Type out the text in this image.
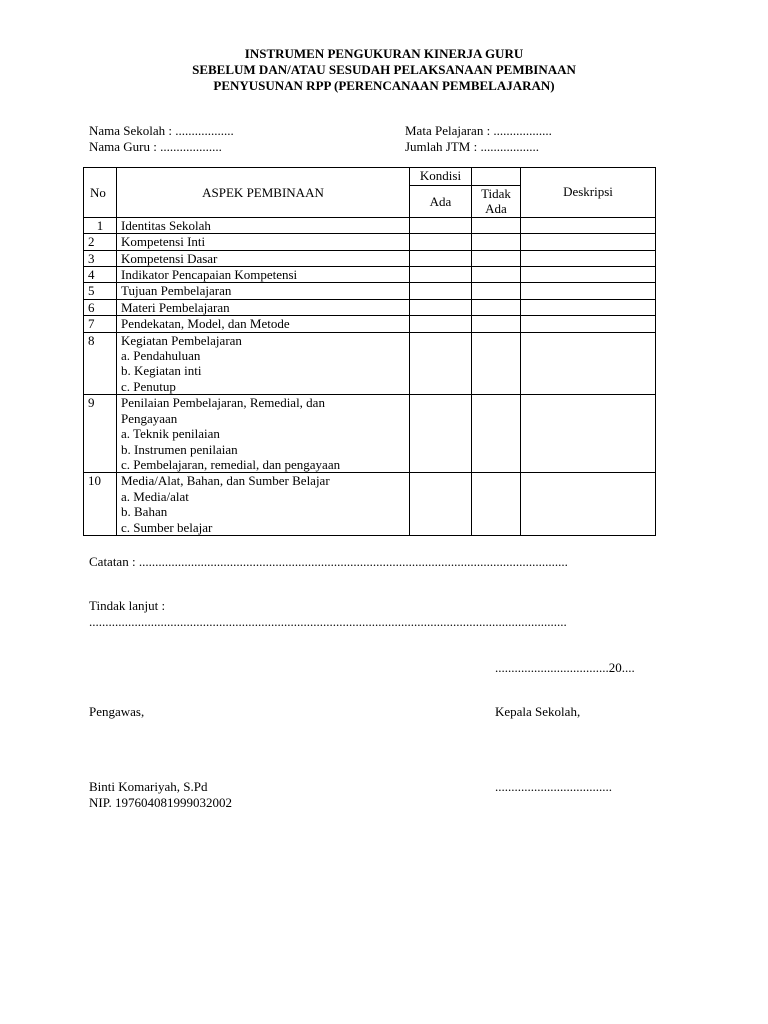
INSTRUMEN PENGUKURAN KINERJA GURU
SEBELUM DAN/ATAU SESUDAH PELAKSANAAN PEMBINAAN
PENYUSUNAN RPP (PERENCANAAN PEMBELAJARAN)
Nama Sekolah : ..................
Nama Guru : ...................
Mata Pelajaran : ..................
Jumlah JTM : ..................
No	ASPEK PEMBINAAN	Kondisi		Deskripsi
		Ada	Tidak
Ada	

1	Identitas Sekolah			

2	Kompetensi Inti			

3	Kompetensi Dasar			

4	Indikator Pencapaian Kompetensi			

5	Tujuan Pembelajaran			

6	Materi Pembelajaran			

7	Pendekatan, Model, dan Metode			

8	Kegiatan Pembelajaran
a. Pendahuluan
b. Kegiatan inti
c. Penutup			

9	Penilaian Pembelajaran, Remedial, dan
Pengayaan
a. Teknik penilaian
b. Instrumen penilaian
c. Pembelajaran, remedial, dan pengayaan			

10	Media/Alat, Bahan, dan Sumber Belajar
a. Media/alat
b. Bahan
c. Sumber belajar			

Catatan : ....................................................................................................................................
Tindak lanjut :
...................................................................................................................................................
...................................20....
Pengawas,	Kepala Sekolah,
Binti Komariyah, S.Pd
NIP. 197604081999032002
....................................
